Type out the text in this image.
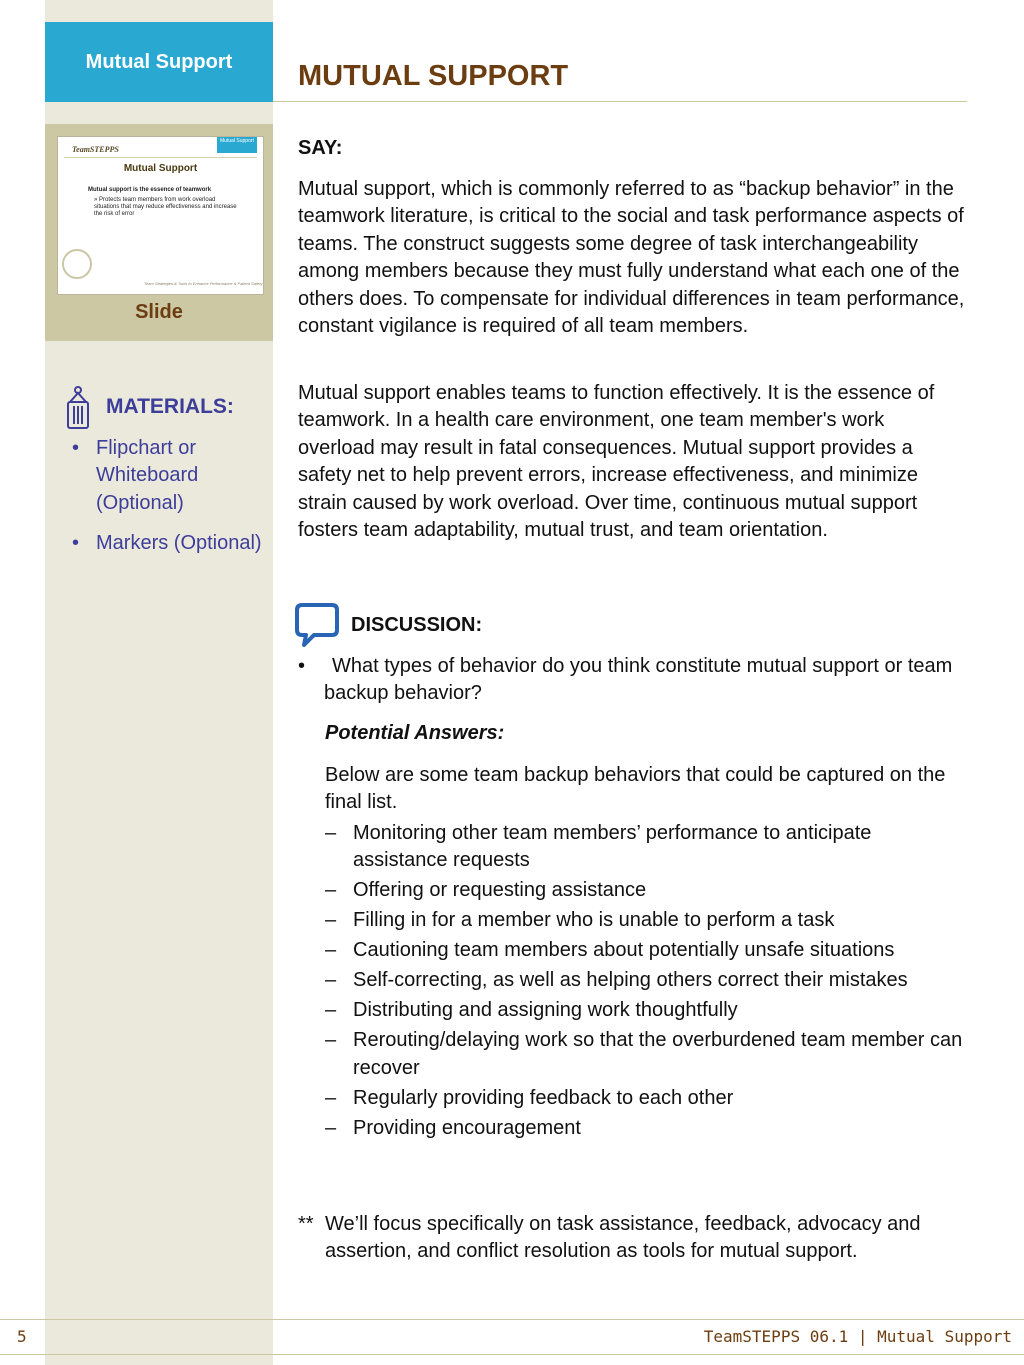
Mutual Support
TeamSTEPPS
Mutual Support
Mutual Support
Mutual support is the essence of teamwork
» Protects team members from work overload situations that may reduce effectiveness and increase the risk of error
Team Strategies & Tools to Enhance Performance & Patient Safety
Slide
MATERIALS:
• Flipchart or Whiteboard (Optional)
• Markers (Optional)
MUTUAL SUPPORT
SAY:
Mutual support, which is commonly referred to as “backup behavior” in the teamwork literature, is critical to the social and task performance aspects of teams. The construct suggests some degree of task interchangeability among members because they must fully understand what each one of the others does. To compensate for individual differences in team performance, constant vigilance is required of all team members.
Mutual support enables teams to function effectively. It is the essence of teamwork. In a health care environment, one team member's work overload may result in fatal consequences. Mutual support provides a safety net to help prevent errors, increase effectiveness, and minimize strain caused by work overload. Over time, continuous mutual support fosters team adaptability, mutual trust, and team orientation.
DISCUSSION:
•	What types of behavior do you think constitute mutual support or team backup behavior?
Potential Answers:
Below are some team backup behaviors that could be captured on the final list.
– Monitoring other team members’ performance to anticipate assistance requests
– Offering or requesting assistance
– Filling in for a member who is unable to perform a task
– Cautioning team members about potentially unsafe situations
– Self-correcting, as well as helping others correct their mistakes
– Distributing and assigning work thoughtfully
– Rerouting/delaying work so that the overburdened team member can recover
– Regularly providing feedback to each other
– Providing encouragement
** We’ll focus specifically on task assistance, feedback, advocacy and assertion, and conflict resolution as tools for mutual support.
5	TeamSTEPPS 06.1 | Mutual Support
